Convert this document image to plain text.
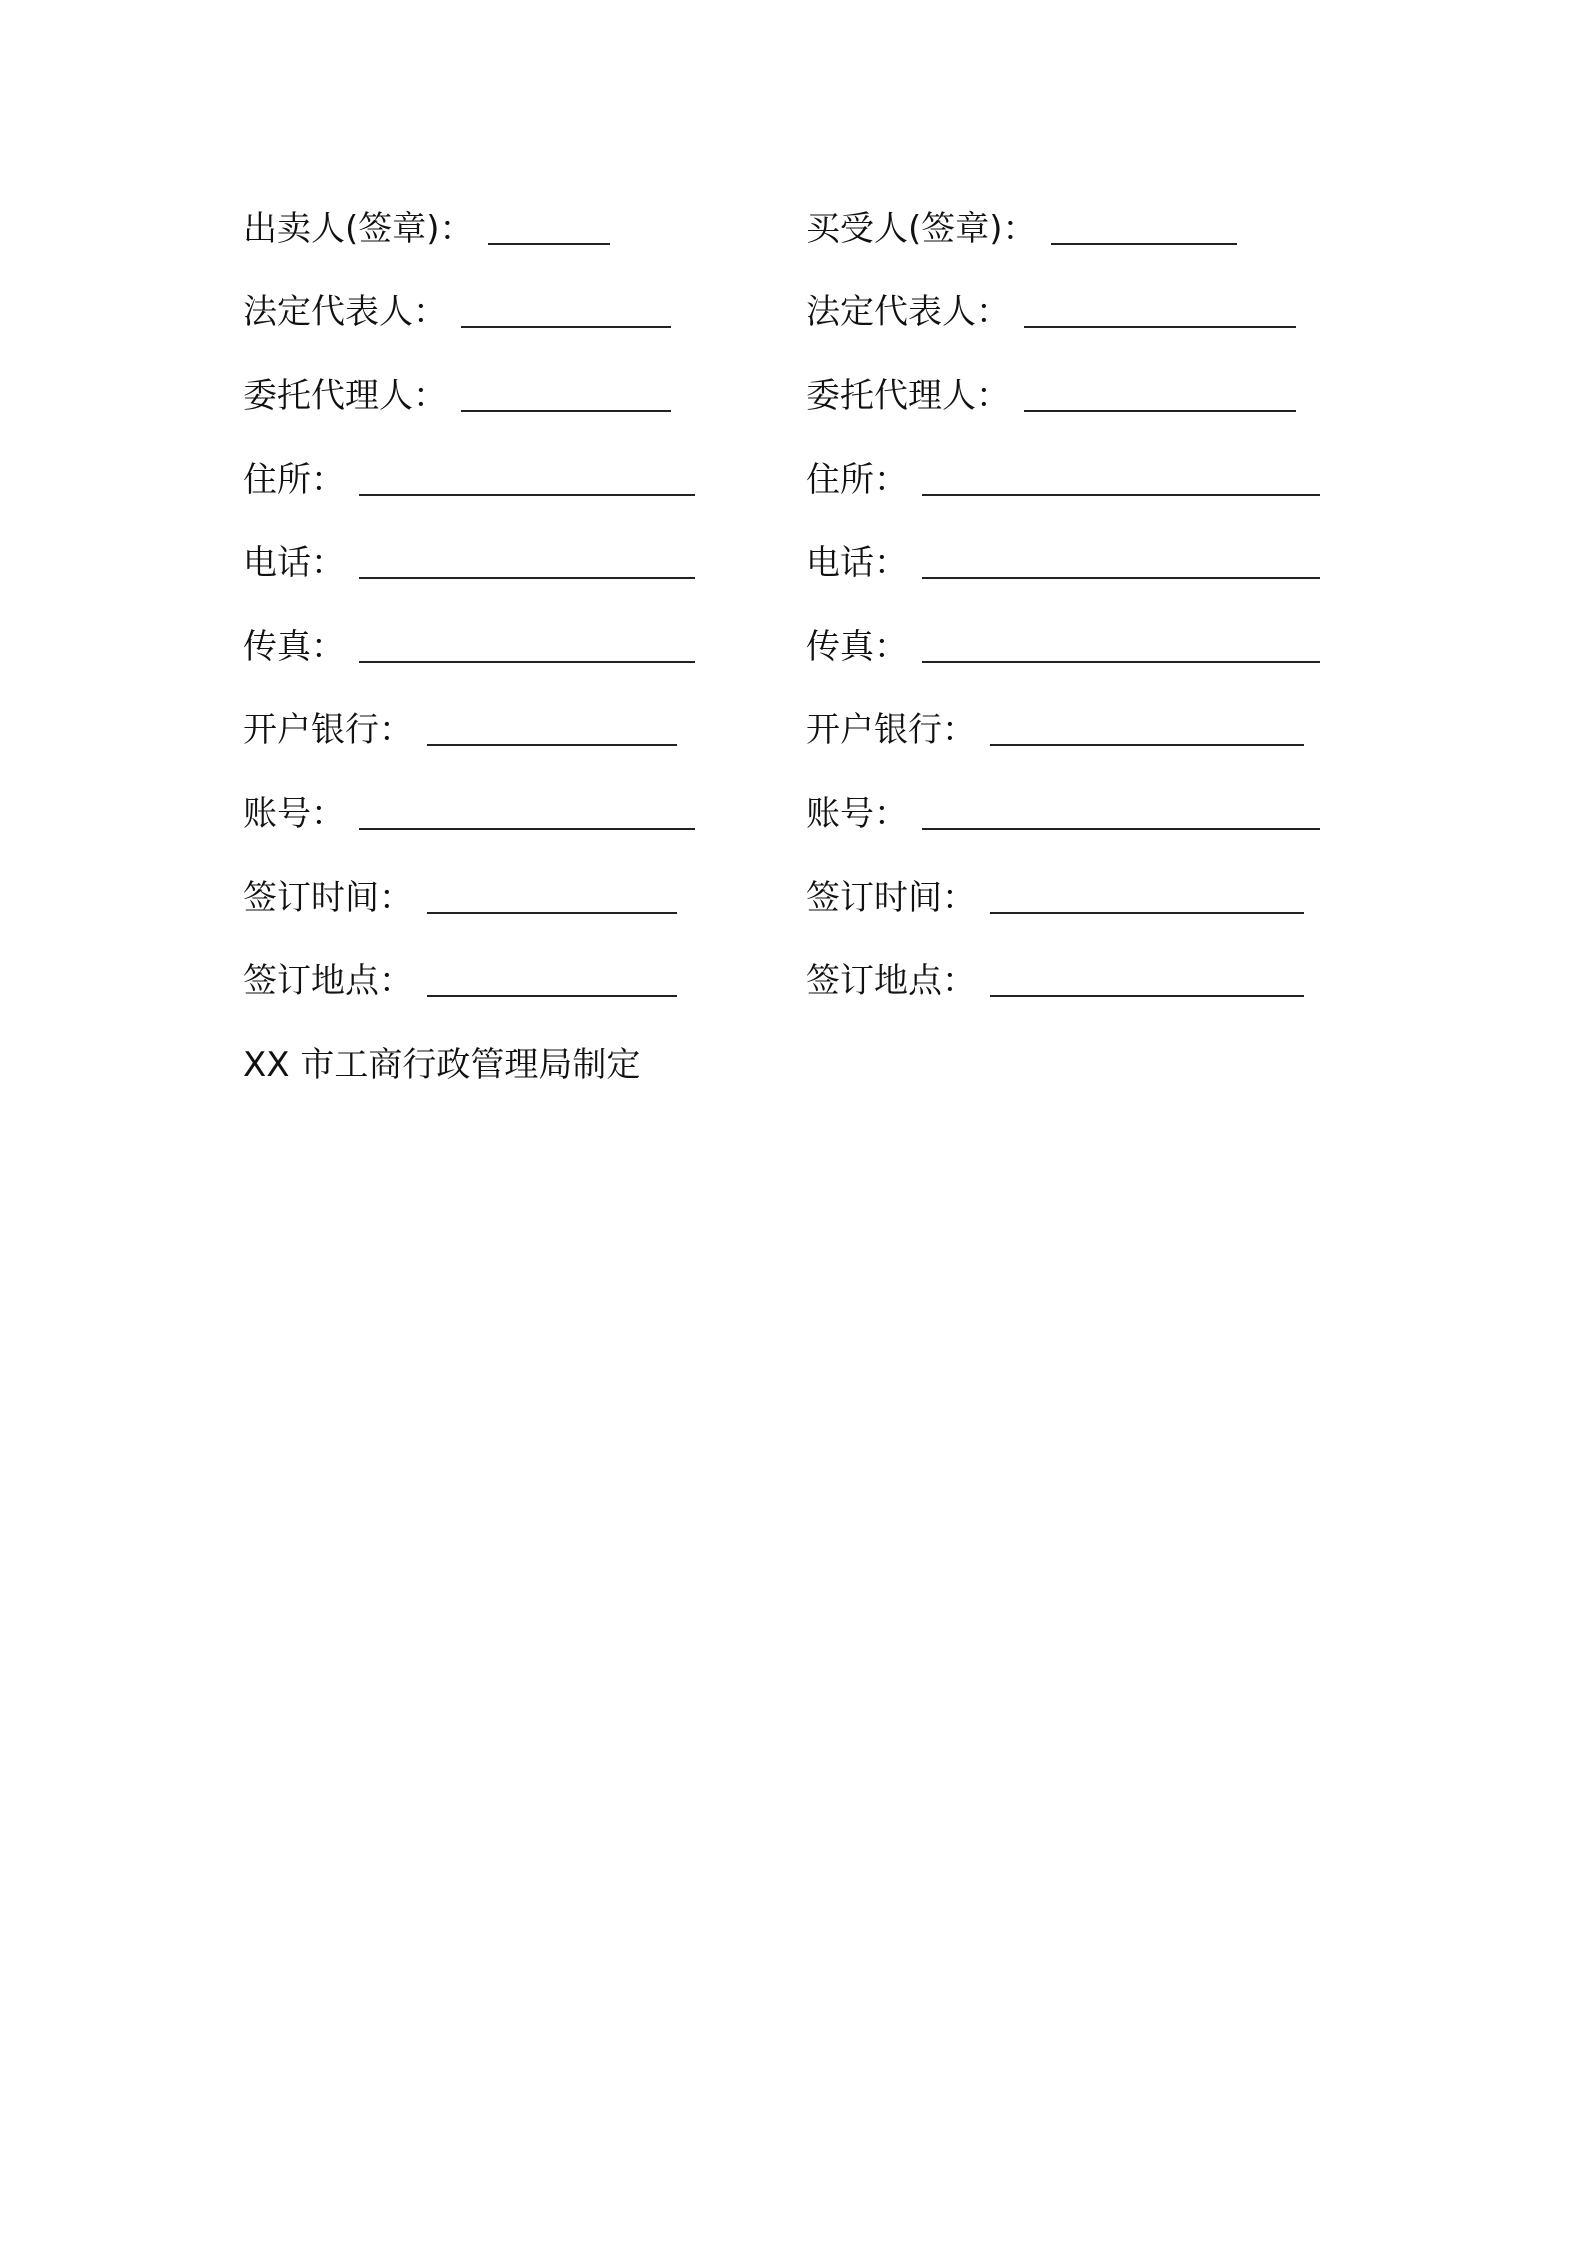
出卖人(签章)：
法定代表人：
委托代理人：
住所：
电话：
传真：
开户银行：
账号：
签订时间：
签订地点：
买受人(签章)：
法定代表人：
委托代理人：
住所：
电话：
传真：
开户银行：
账号：
签订时间：
签订地点：
XX 市工商行政管理局制定
